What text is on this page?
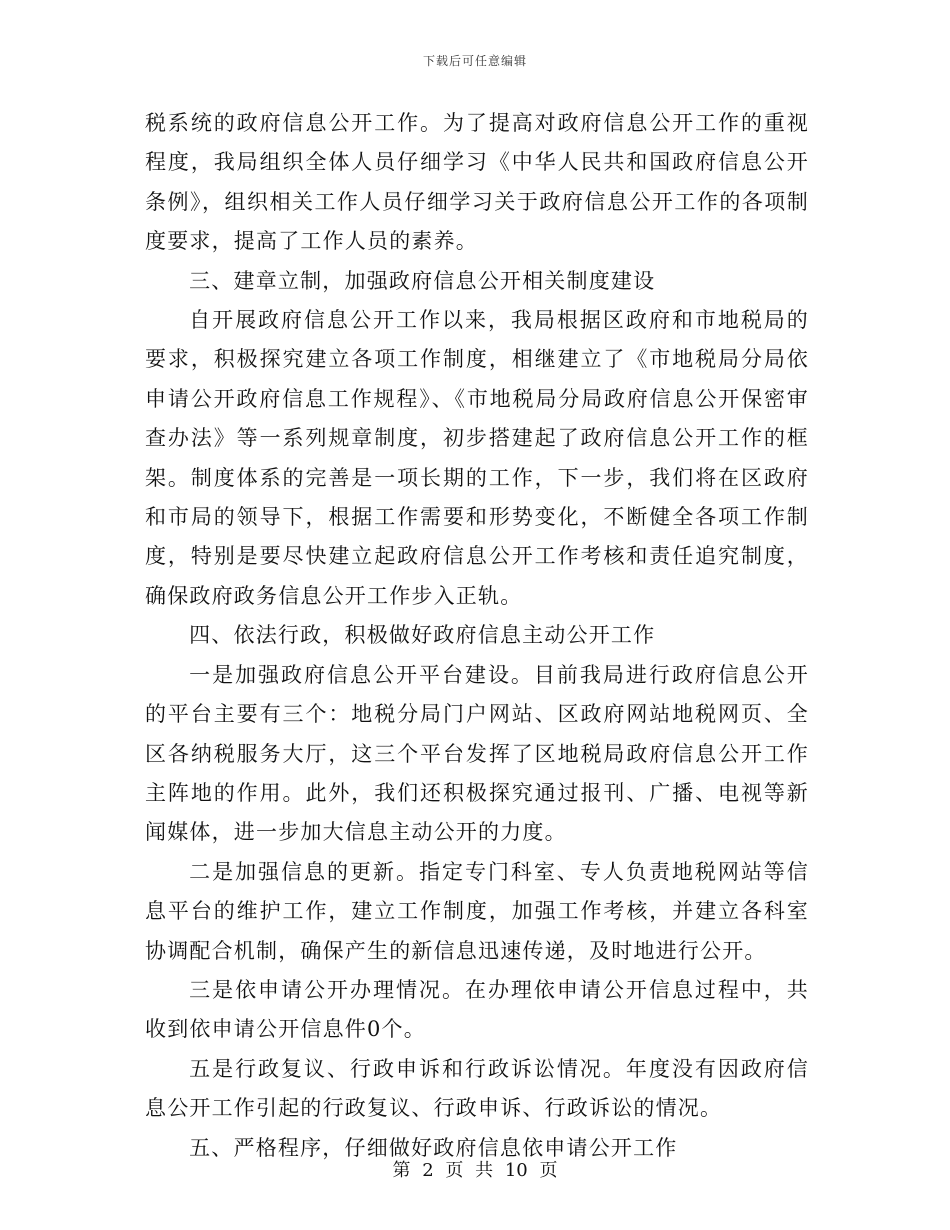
下载后可任意编辑

税系统的政府信息公开工作。为了提高对政府信息公开工作的重视程度，我局组织全体人员仔细学习《中华人民共和国政府信息公开条例》，组织相关工作人员仔细学习关于政府信息公开工作的各项制度要求，提高了工作人员的素养。

三、建章立制，加强政府信息公开相关制度建设

自开展政府信息公开工作以来，我局根据区政府和市地税局的要求，积极探究建立各项工作制度，相继建立了《市地税局分局依申请公开政府信息工作规程》、《市地税局分局政府信息公开保密审查办法》等一系列规章制度，初步搭建起了政府信息公开工作的框架。制度体系的完善是一项长期的工作，下一步，我们将在区政府和市局的领导下，根据工作需要和形势变化，不断健全各项工作制度，特别是要尽快建立起政府信息公开工作考核和责任追究制度，确保政府政务信息公开工作步入正轨。

四、依法行政，积极做好政府信息主动公开工作

一是加强政府信息公开平台建设。目前我局进行政府信息公开的平台主要有三个：地税分局门户网站、区政府网站地税网页、全区各纳税服务大厅，这三个平台发挥了区地税局政府信息公开工作主阵地的作用。此外，我们还积极探究通过报刊、广播、电视等新闻媒体，进一步加大信息主动公开的力度。

二是加强信息的更新。指定专门科室、专人负责地税网站等信息平台的维护工作，建立工作制度，加强工作考核，并建立各科室协调配合机制，确保产生的新信息迅速传递，及时地进行公开。

三是依申请公开办理情况。在办理依申请公开信息过程中，共收到依申请公开信息件0个。

五是行政复议、行政申诉和行政诉讼情况。年度没有因政府信息公开工作引起的行政复议、行政申诉、行政诉讼的情况。

五、严格程序，仔细做好政府信息依申请公开工作

第 2 页 共 10 页
